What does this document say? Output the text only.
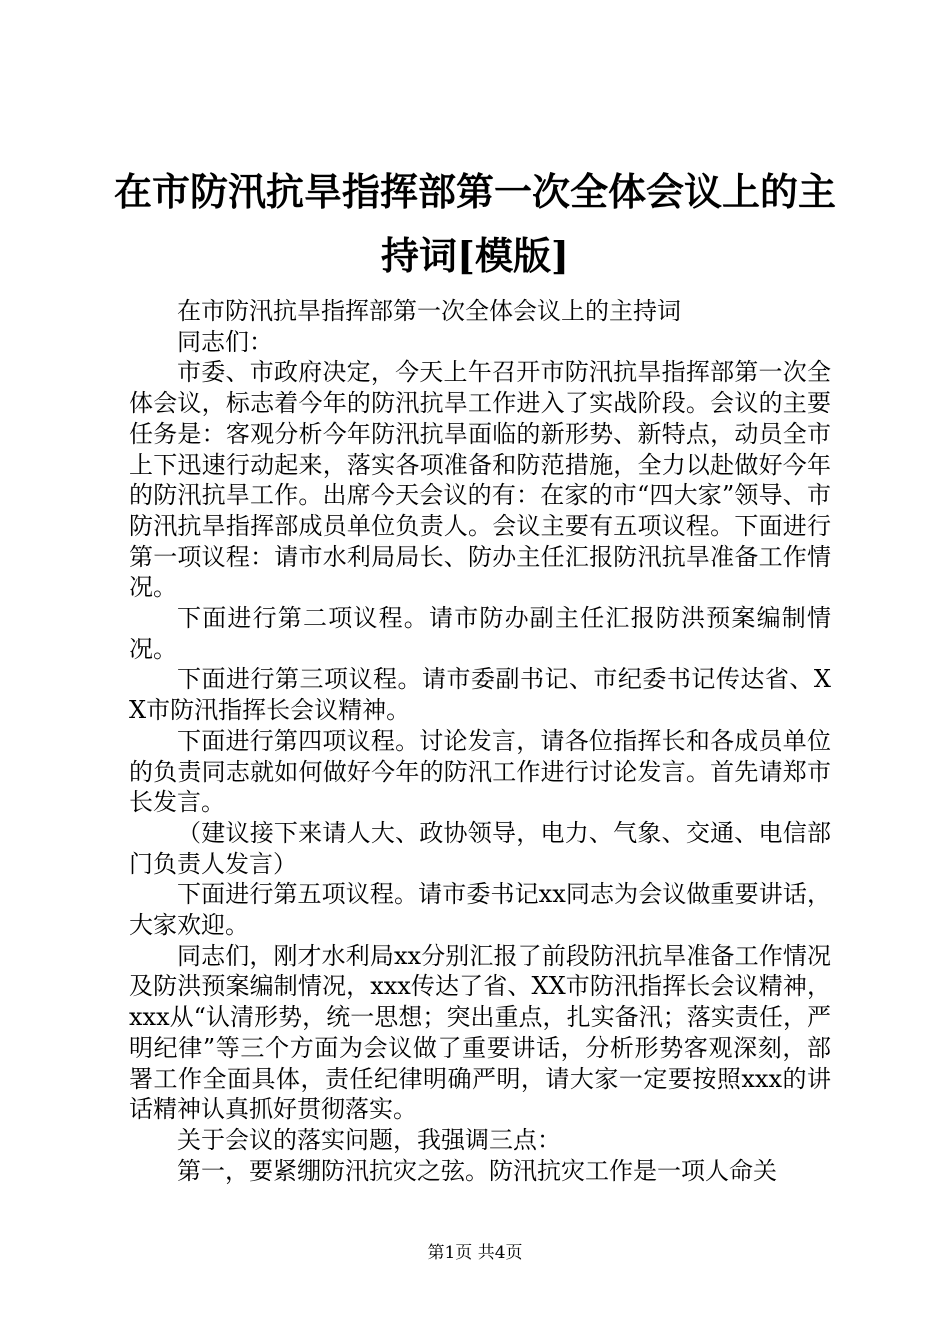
在市防汛抗旱指挥部第一次全体会议上的主持词[模版]

在市防汛抗旱指挥部第一次全体会议上的主持词

同志们：

市委、市政府决定，今天上午召开市防汛抗旱指挥部第一次全体会议，标志着今年的防汛抗旱工作进入了实战阶段。会议的主要任务是：客观分析今年防汛抗旱面临的新形势、新特点，动员全市上下迅速行动起来，落实各项准备和防范措施，全力以赴做好今年的防汛抗旱工作。出席今天会议的有：在家的市“四大家”领导、市防汛抗旱指挥部成员单位负责人。会议主要有五项议程。下面进行第一项议程：请市水利局局长、防办主任汇报防汛抗旱准备工作情况。

下面进行第二项议程。请市防办副主任汇报防洪预案编制情况。

下面进行第三项议程。请市委副书记、市纪委书记传达省、XX市防汛指挥长会议精神。

下面进行第四项议程。讨论发言，请各位指挥长和各成员单位的负责同志就如何做好今年的防汛工作进行讨论发言。首先请郑市长发言。

（建议接下来请人大、政协领导，电力、气象、交通、电信部门负责人发言）

下面进行第五项议程。请市委书记xx同志为会议做重要讲话，大家欢迎。

同志们，刚才水利局xx分别汇报了前段防汛抗旱准备工作情况及防洪预案编制情况，xxx传达了省、XX市防汛指挥长会议精神，xxx从“认清形势，统一思想；突出重点，扎实备汛；落实责任，严明纪律”等三个方面为会议做了重要讲话，分析形势客观深刻，部署工作全面具体，责任纪律明确严明，请大家一定要按照xxx的讲话精神认真抓好贯彻落实。

关于会议的落实问题，我强调三点：

第一，要紧绷防汛抗灾之弦。防汛抗灾工作是一项人命关

第1页 共4页
